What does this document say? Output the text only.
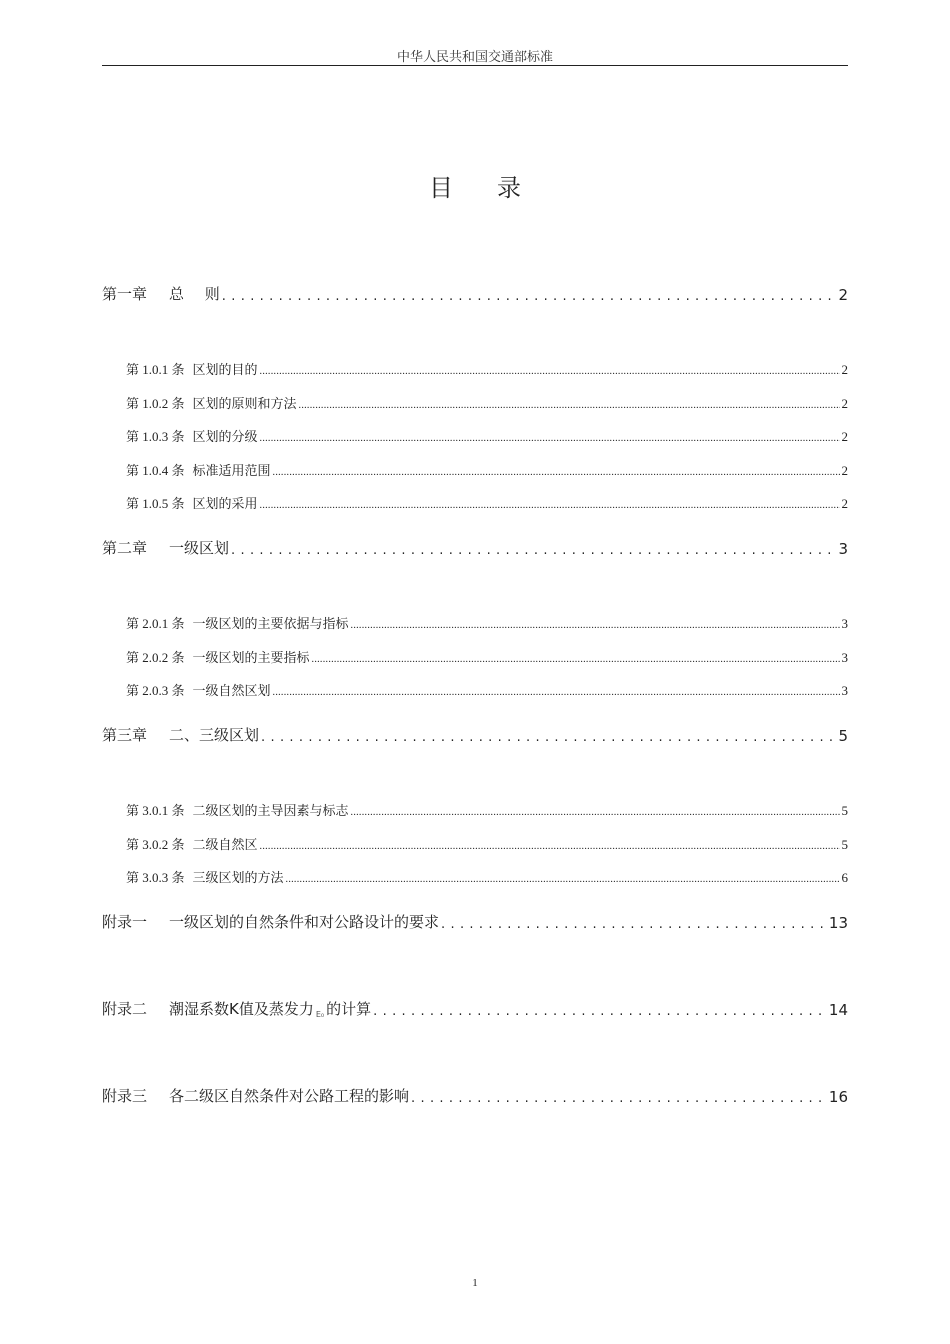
中华人民共和国交通部标准
目 录
第一章 总 则 . . .	2
第 1.0.1 条 区划的目的 .....	2
第 1.0.2 条 区划的原则和方法 .....	2
第 1.0.3 条 区划的分级 .....	2
第 1.0.4 条 标准适用范围 .....	2
第 1.0.5 条 区划的采用 .....	2
第二章 一级区划 . . .	3
第 2.0.1 条 一级区划的主要依据与指标 .....	3
第 2.0.2 条 一级区划的主要指标 .....	3
第 2.0.3 条 一级自然区划 .....	3
第三章 二、三级区划 . . .	5
第 3.0.1 条 二级区划的主导因素与标志 .....	5
第 3.0.2 条 二级自然区 .....	5
第 3.0.3 条 三级区划的方法 .....	6
附录一 一级区划的自然条件和对公路设计的要求 . . .	13
附录二 潮湿系数K值及蒸发力 E₀ 的计算 . . .	14
附录三 各二级区自然条件对公路工程的影响 . . .	16
1
